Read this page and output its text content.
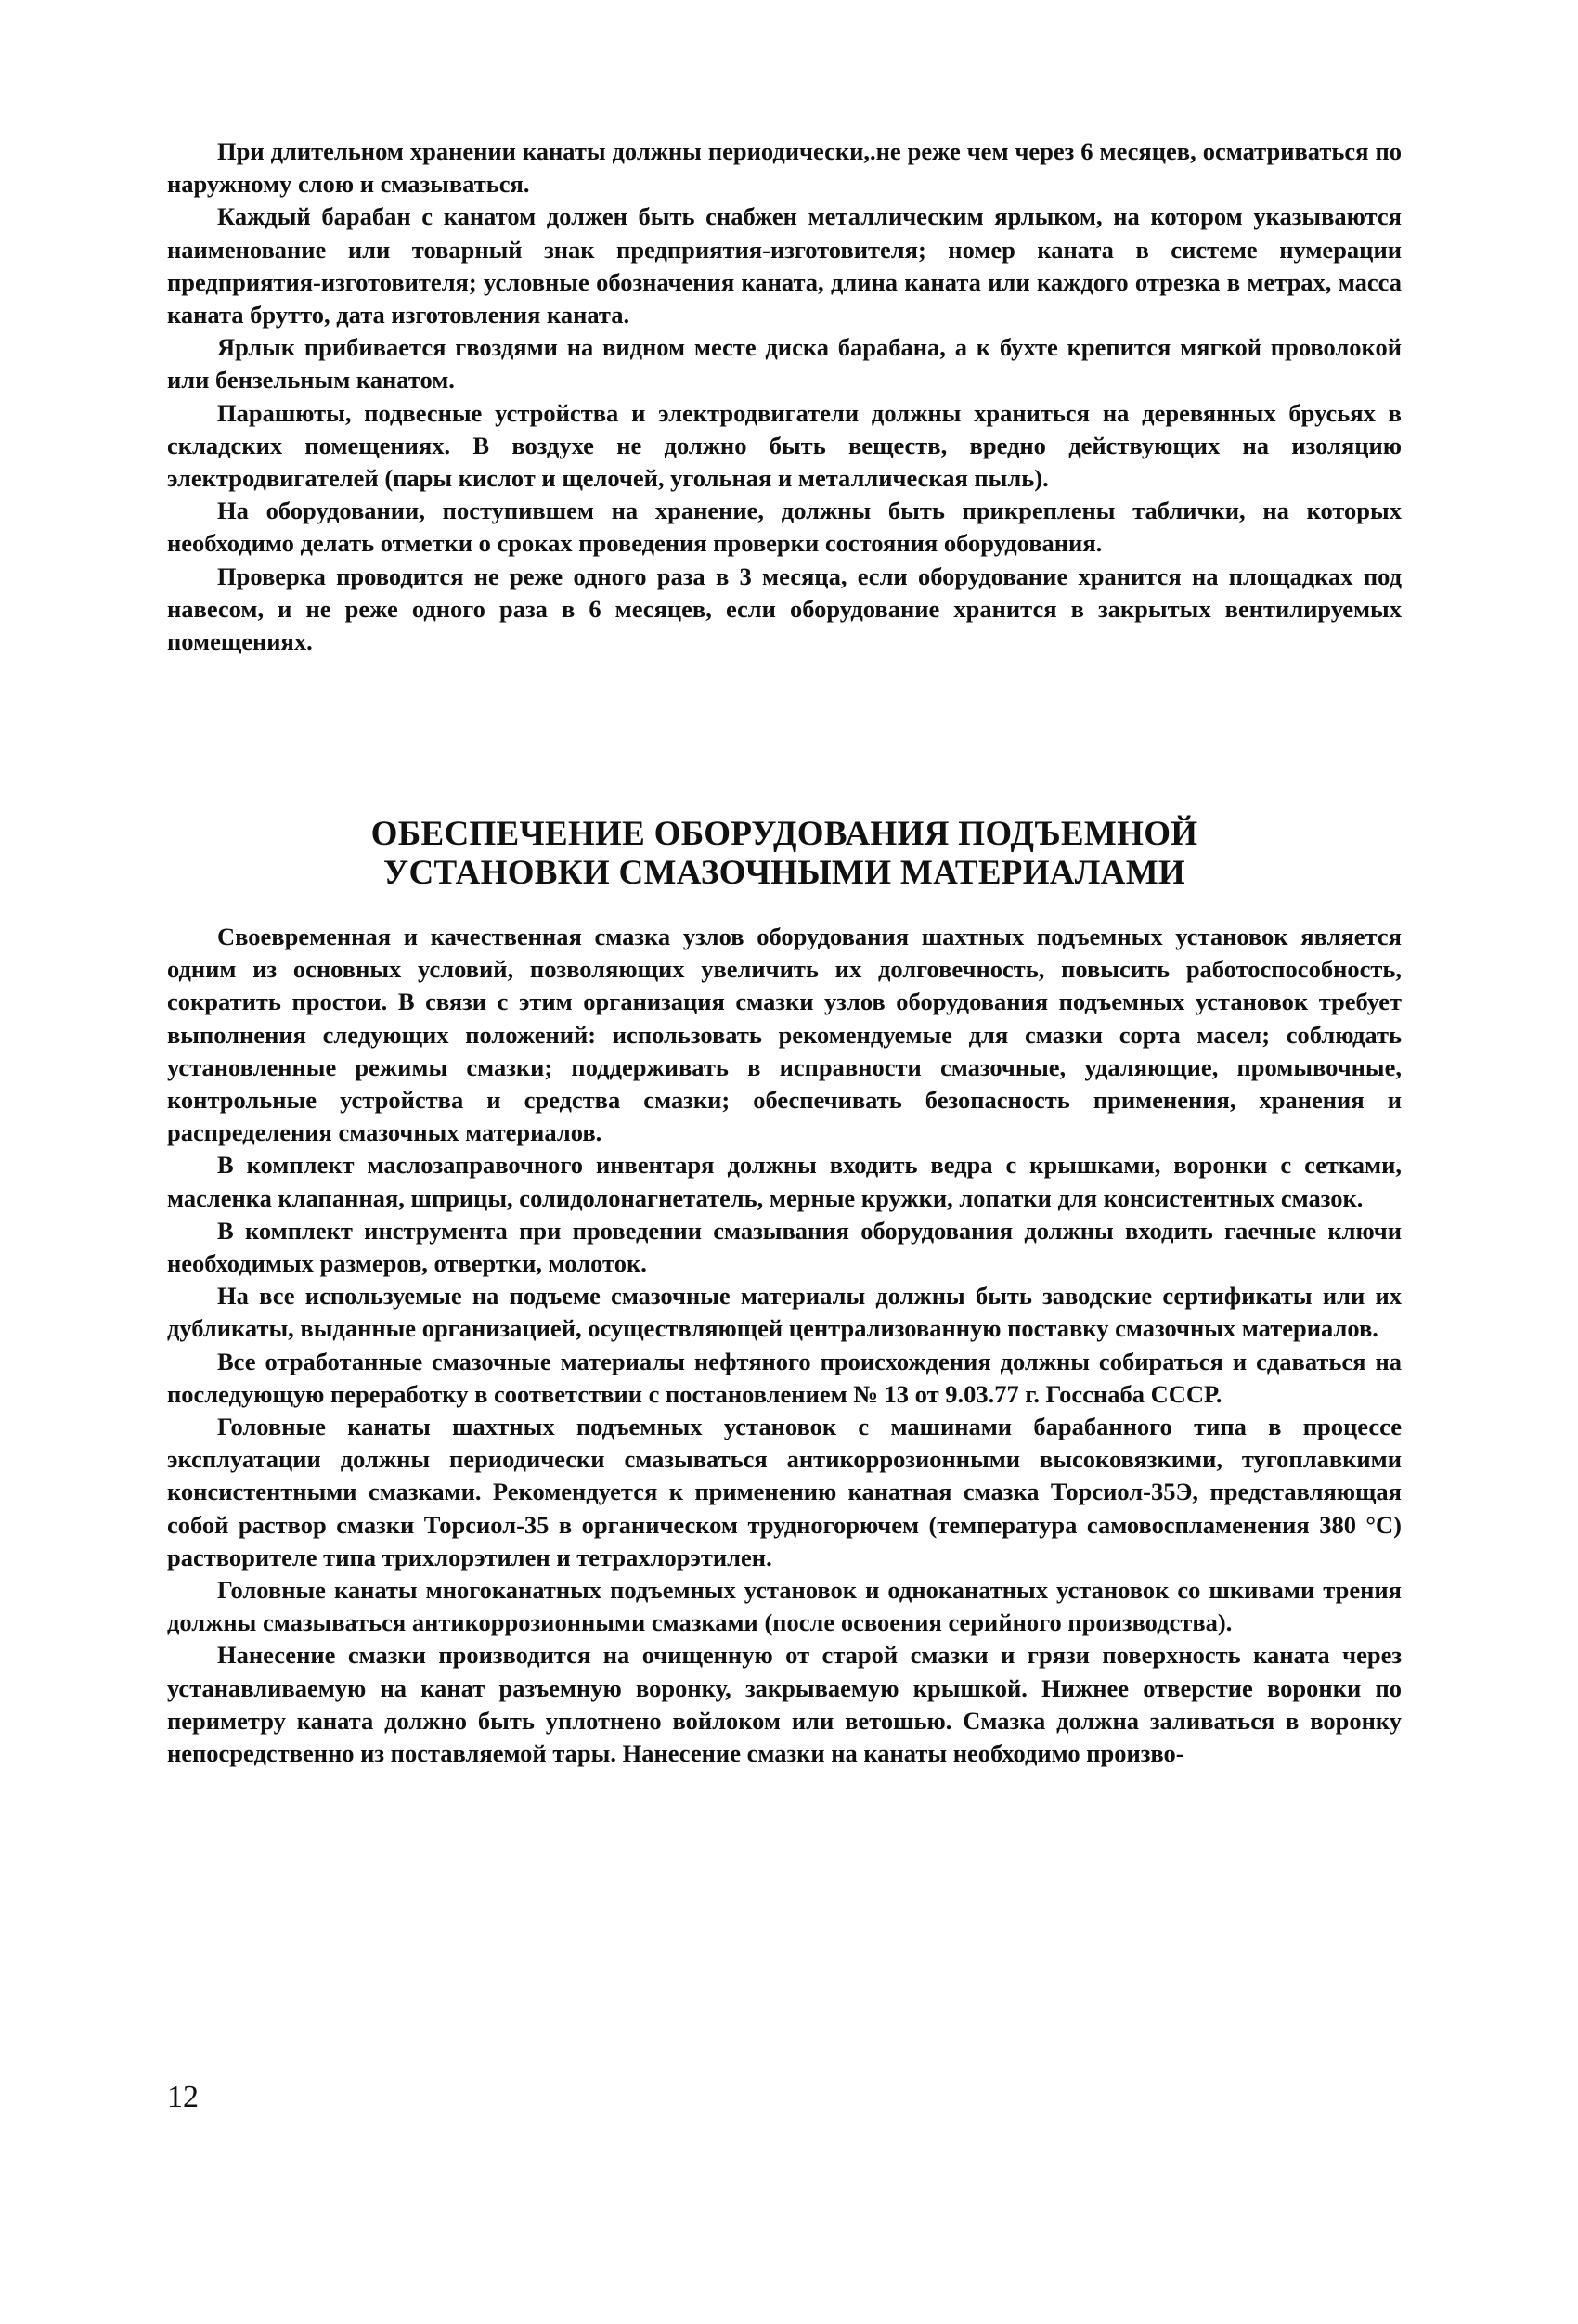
При длительном хранении канаты должны периодически,.не реже чем через 6 месяцев, осматриваться по наружному слою и смазываться.

Каждый барабан с канатом должен быть снабжен металлическим ярлыком, на котором указываются наименование или товарный знак предприятия-изготовителя; номер каната в системе нумерации предприятия-изготовителя; условные обозначения каната, длина каната или каждого отрезка в метрах, масса каната брутто, дата изготовления каната.

Ярлык прибивается гвоздями на видном месте диска барабана, а к бухте крепится мягкой проволокой или бензельным канатом.

Парашюты, подвесные устройства и электродвигатели должны храниться на деревянных брусьях в складских помещениях. В воздухе не должно быть веществ, вредно действующих на изоляцию электродвигателей (пары кислот и щелочей, угольная и металлическая пыль).

На оборудовании, поступившем на хранение, должны быть прикреплены таблички, на которых необходимо делать отметки о сроках проведения проверки состояния оборудования.

Проверка проводится не реже одного раза в 3 месяца, если оборудование хранится на площадках под навесом, и не реже одного раза в 6 месяцев, если оборудование хранится в закрытых вентилируемых помещениях.

ОБЕСПЕЧЕНИЕ ОБОРУДОВАНИЯ ПОДЪЕМНОЙ
УСТАНОВКИ СМАЗОЧНЫМИ МАТЕРИАЛАМИ

Своевременная и качественная смазка узлов оборудования шахтных подъемных установок является одним из основных условий, позволяющих увеличить их долговечность, повысить работоспособность, сократить простои. В связи с этим организация смазки узлов оборудования подъемных установок требует выполнения следующих положений: использовать рекомендуемые для смазки сорта масел; соблюдать установленные режимы смазки; поддерживать в исправности смазочные, удаляющие, промывочные, контрольные устройства и средства смазки; обеспечивать безопасность применения, хранения и распределения смазочных материалов.

В комплект маслозаправочного инвентаря должны входить ведра с крышками, воронки с сетками, масленка клапанная, шприцы, солидолонагнетатель, мерные кружки, лопатки для консистентных смазок.

В комплект инструмента при проведении смазывания оборудования должны входить гаечные ключи необходимых размеров, отвертки, молоток.

На все используемые на подъеме смазочные материалы должны быть заводские сертификаты или их дубликаты, выданные организацией, осуществляющей централизованную поставку смазочных материалов.

Все отработанные смазочные материалы нефтяного происхождения должны собираться и сдаваться на последующую переработку в соответствии с постановлением № 13 от 9.03.77 г. Госснаба СССР.

Головные канаты шахтных подъемных установок с машинами барабанного типа в процессе эксплуатации должны периодически смазываться антикоррозионными высоковязкими, тугоплавкими консистентными смазками. Рекомендуется к применению канатная смазка Торсиол-35Э, представляющая собой раствор смазки Торсиол-35 в органическом трудногорючем (температура самовоспламенения 380 °С) растворителе типа трихлорэтилен и тетрахлорэтилен.

Головные канаты многоканатных подъемных установок и одноканатных установок со шкивами трения должны смазываться антикоррозионными смазками (после освоения серийного производства).

Нанесение смазки производится на очищенную от старой смазки и грязи поверхность каната через устанавливаемую на канат разъемную воронку, закрываемую крышкой. Нижнее отверстие воронки по периметру каната должно быть уплотнено войлоком или ветошью. Смазка должна заливаться в воронку непосредственно из поставляемой тары. Нанесение смазки на канаты необходимо произво-

12
